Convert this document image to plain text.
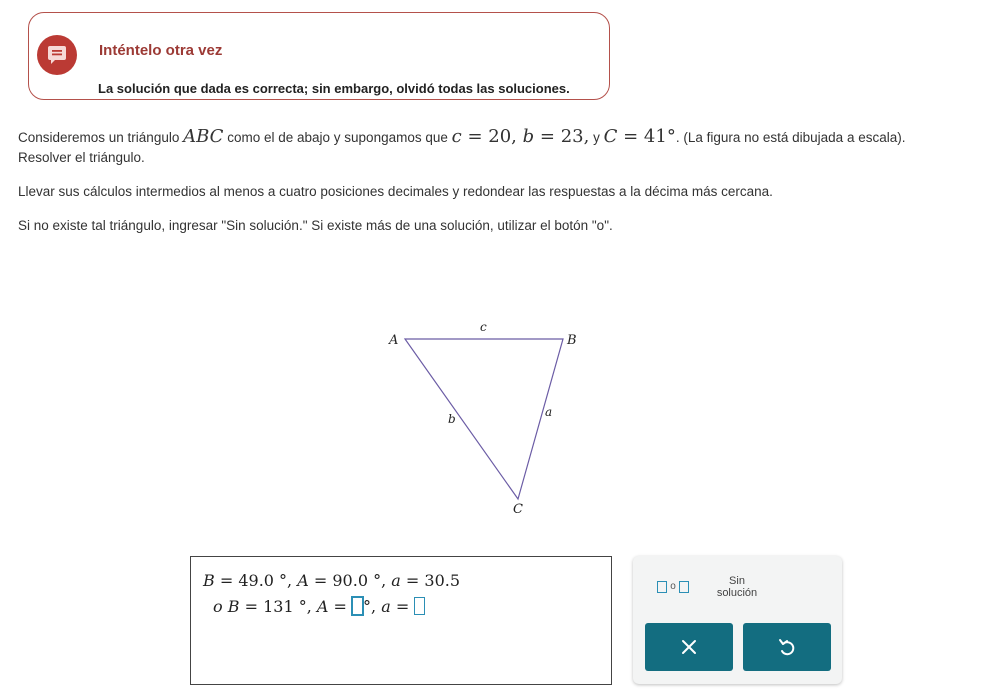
Inténtelo otra vez
La solución que dada es correcta; sin embargo, olvidó todas las soluciones.
Consideremos un triángulo ABC como el de abajo y supongamos que c = 20, b = 23, y C = 41°. (La figura no está dibujada a escala).
Resolver el triángulo.
Llevar sus cálculos intermedios al menos a cuatro posiciones decimales y redondear las respuestas a la décima más cercana.
Si no existe tal triángulo, ingresar "Sin solución." Si existe más de una solución, utilizar el botón "o".
A	B
C
c
a
b
B = 49.0 °, A = 90.0 °, a = 30.5
o B = 131 °, A = °, a =
o	Sin
solución
